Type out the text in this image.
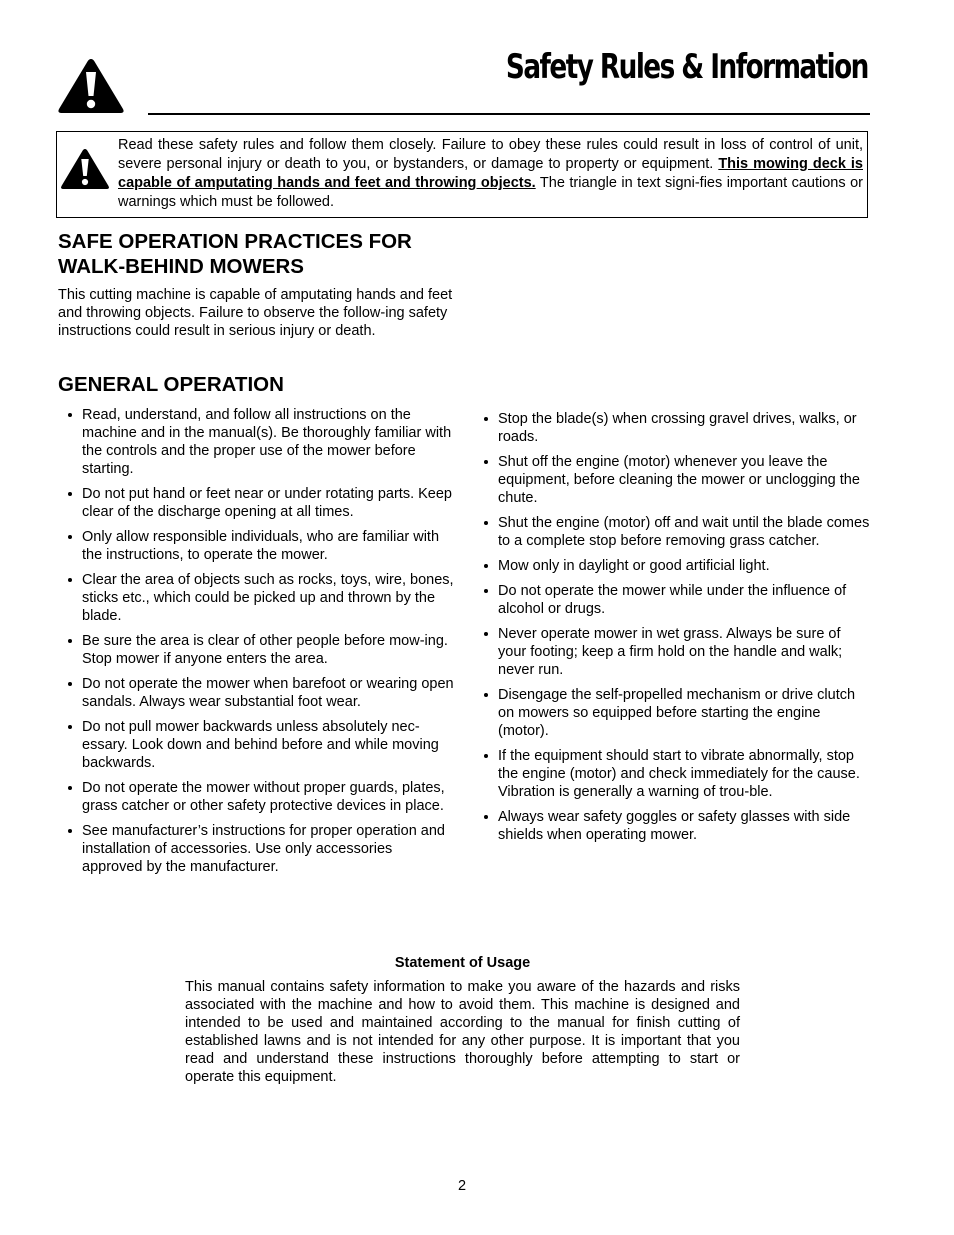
Safety Rules & Information
Read these safety rules and follow them closely. Failure to obey these rules could result in loss of control of unit, severe personal injury or death to you, or bystanders, or damage to property or equipment. This mowing deck is capable of amputating hands and feet and throwing objects. The triangle in text signi-fies important cautions or warnings which must be followed.
SAFE OPERATION PRACTICES FOR WALK-BEHIND MOWERS
This cutting machine is capable of amputating hands and feet and throwing objects. Failure to observe the follow-ing safety instructions could result in serious injury or death.
GENERAL OPERATION
Read, understand, and follow all instructions on the machine and in the manual(s). Be thoroughly familiar with the controls and the proper use of the mower before starting.
Do not put hand or feet near or under rotating parts. Keep clear of the discharge opening at all times.
Only allow responsible individuals, who are familiar with the instructions, to operate the mower.
Clear the area of objects such as rocks, toys, wire, bones, sticks etc., which could be picked up and thrown by the blade.
Be sure the area is clear of other people before mow-ing. Stop mower if anyone enters the area.
Do not operate the mower when barefoot or wearing open sandals. Always wear substantial foot wear.
Do not pull mower backwards unless absolutely nec-essary. Look down and behind before and while moving backwards.
Do not operate the mower without proper guards, plates, grass catcher or other safety protective devices in place.
See manufacturer’s instructions for proper operation and installation of accessories. Use only accessories approved by the manufacturer.
Stop the blade(s) when crossing gravel drives, walks, or roads.
Shut off the engine (motor) whenever you leave the equipment, before cleaning the mower or unclogging the chute.
Shut the engine (motor) off and wait until the blade comes to a complete stop before removing grass catcher.
Mow only in daylight or good artificial light.
Do not operate the mower while under the influence of alcohol or drugs.
Never operate mower in wet grass. Always be sure of your footing; keep a firm hold on the handle and walk; never run.
Disengage the self-propelled mechanism or drive clutch on mowers so equipped before starting the engine (motor).
If the equipment should start to vibrate abnormally, stop the engine (motor) and check immediately for the cause. Vibration is generally a warning of trou-ble.
Always wear safety goggles or safety glasses with side shields when operating mower.
Statement of Usage
This manual contains safety information to make you aware of the hazards and risks associated with the machine and how to avoid them. This machine is designed and intended to be used and maintained according to the manual for finish cutting of established lawns and is not intended for any other purpose. It is important that you read and understand these instructions thoroughly before attempting to start or operate this equipment.
2
